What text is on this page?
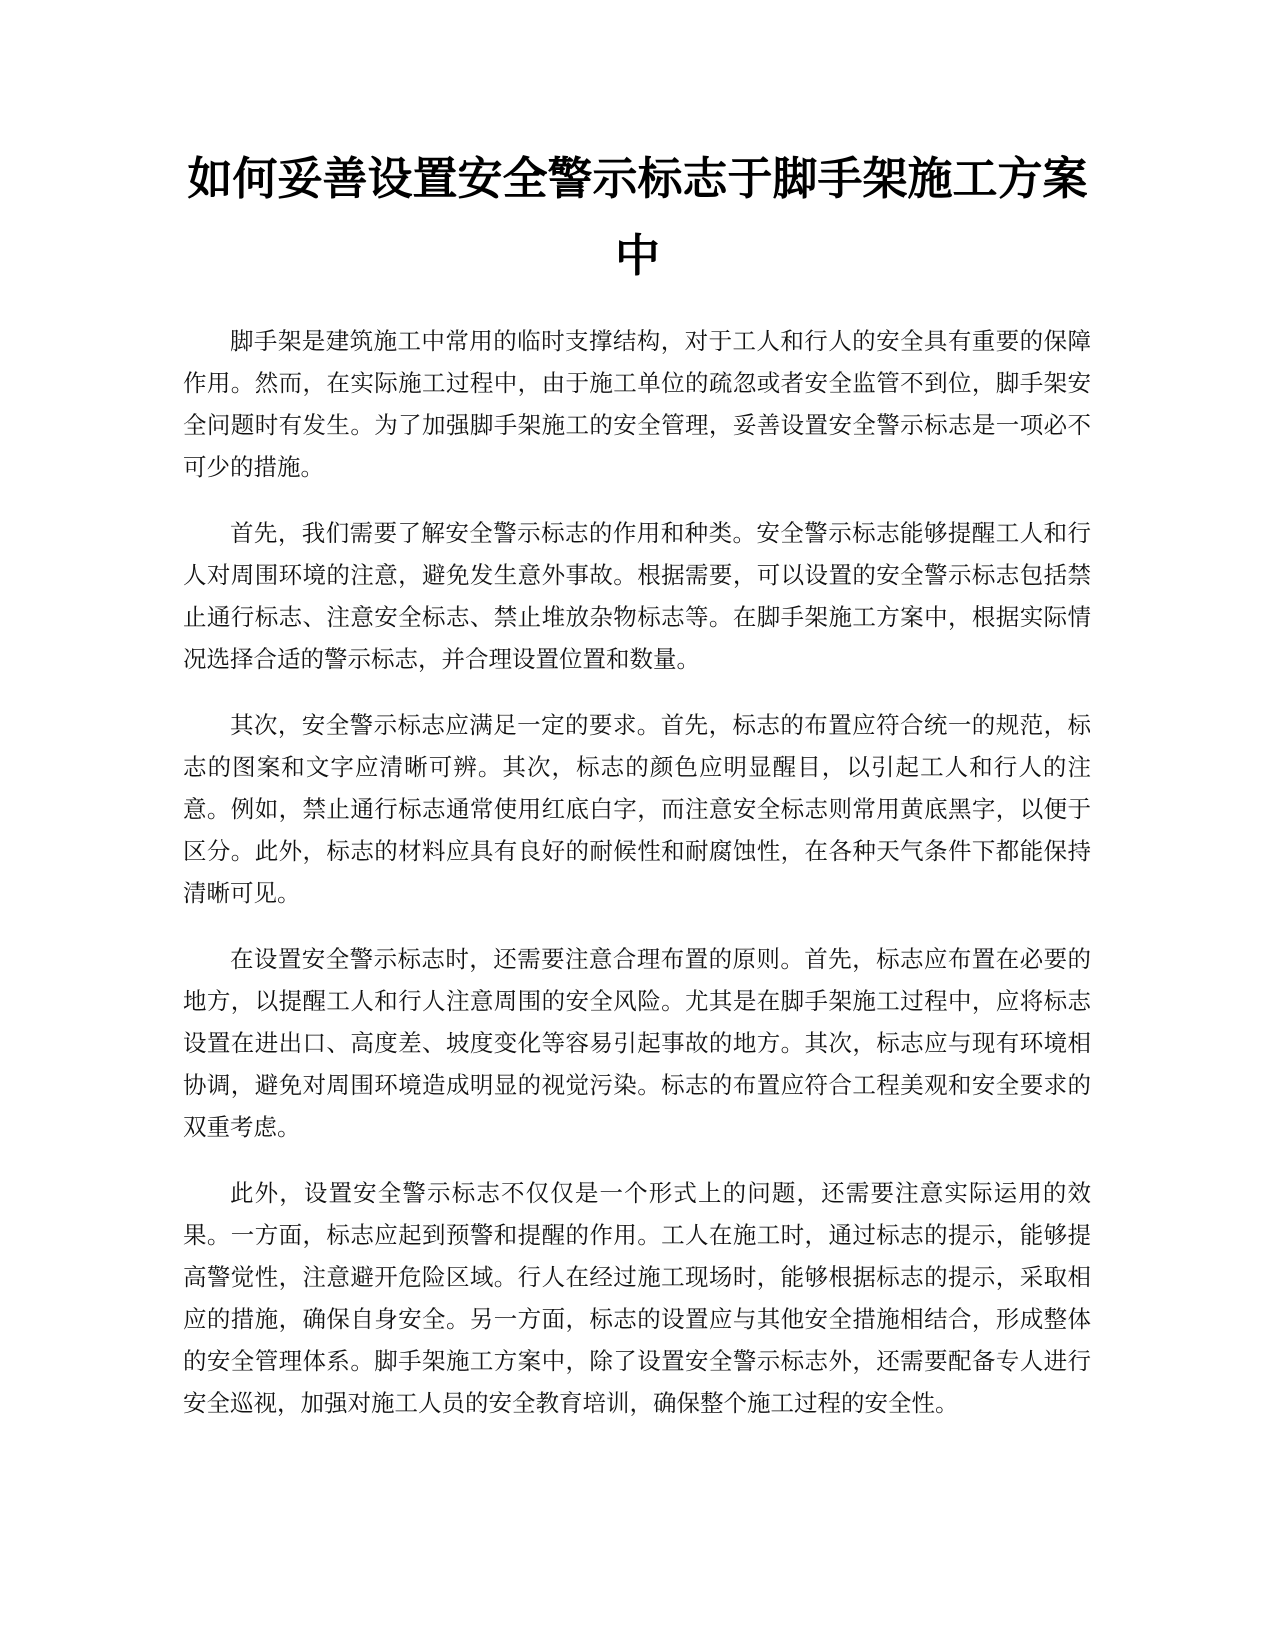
如何妥善设置安全警示标志于脚手架施工方案中

脚手架是建筑施工中常用的临时支撑结构，对于工人和行人的安全具有重要的保障作用。然而，在实际施工过程中，由于施工单位的疏忽或者安全监管不到位，脚手架安全问题时有发生。为了加强脚手架施工的安全管理，妥善设置安全警示标志是一项必不可少的措施。

首先，我们需要了解安全警示标志的作用和种类。安全警示标志能够提醒工人和行人对周围环境的注意，避免发生意外事故。根据需要，可以设置的安全警示标志包括禁止通行标志、注意安全标志、禁止堆放杂物标志等。在脚手架施工方案中，根据实际情况选择合适的警示标志，并合理设置位置和数量。

其次，安全警示标志应满足一定的要求。首先，标志的布置应符合统一的规范，标志的图案和文字应清晰可辨。其次，标志的颜色应明显醒目，以引起工人和行人的注意。例如，禁止通行标志通常使用红底白字，而注意安全标志则常用黄底黑字，以便于区分。此外，标志的材料应具有良好的耐候性和耐腐蚀性，在各种天气条件下都能保持清晰可见。

在设置安全警示标志时，还需要注意合理布置的原则。首先，标志应布置在必要的地方，以提醒工人和行人注意周围的安全风险。尤其是在脚手架施工过程中，应将标志设置在进出口、高度差、坡度变化等容易引起事故的地方。其次，标志应与现有环境相协调，避免对周围环境造成明显的视觉污染。标志的布置应符合工程美观和安全要求的双重考虑。

此外，设置安全警示标志不仅仅是一个形式上的问题，还需要注意实际运用的效果。一方面，标志应起到预警和提醒的作用。工人在施工时，通过标志的提示，能够提高警觉性，注意避开危险区域。行人在经过施工现场时，能够根据标志的提示，采取相应的措施，确保自身安全。另一方面，标志的设置应与其他安全措施相结合，形成整体的安全管理体系。脚手架施工方案中，除了设置安全警示标志外，还需要配备专人进行安全巡视，加强对施工人员的安全教育培训，确保整个施工过程的安全性。
